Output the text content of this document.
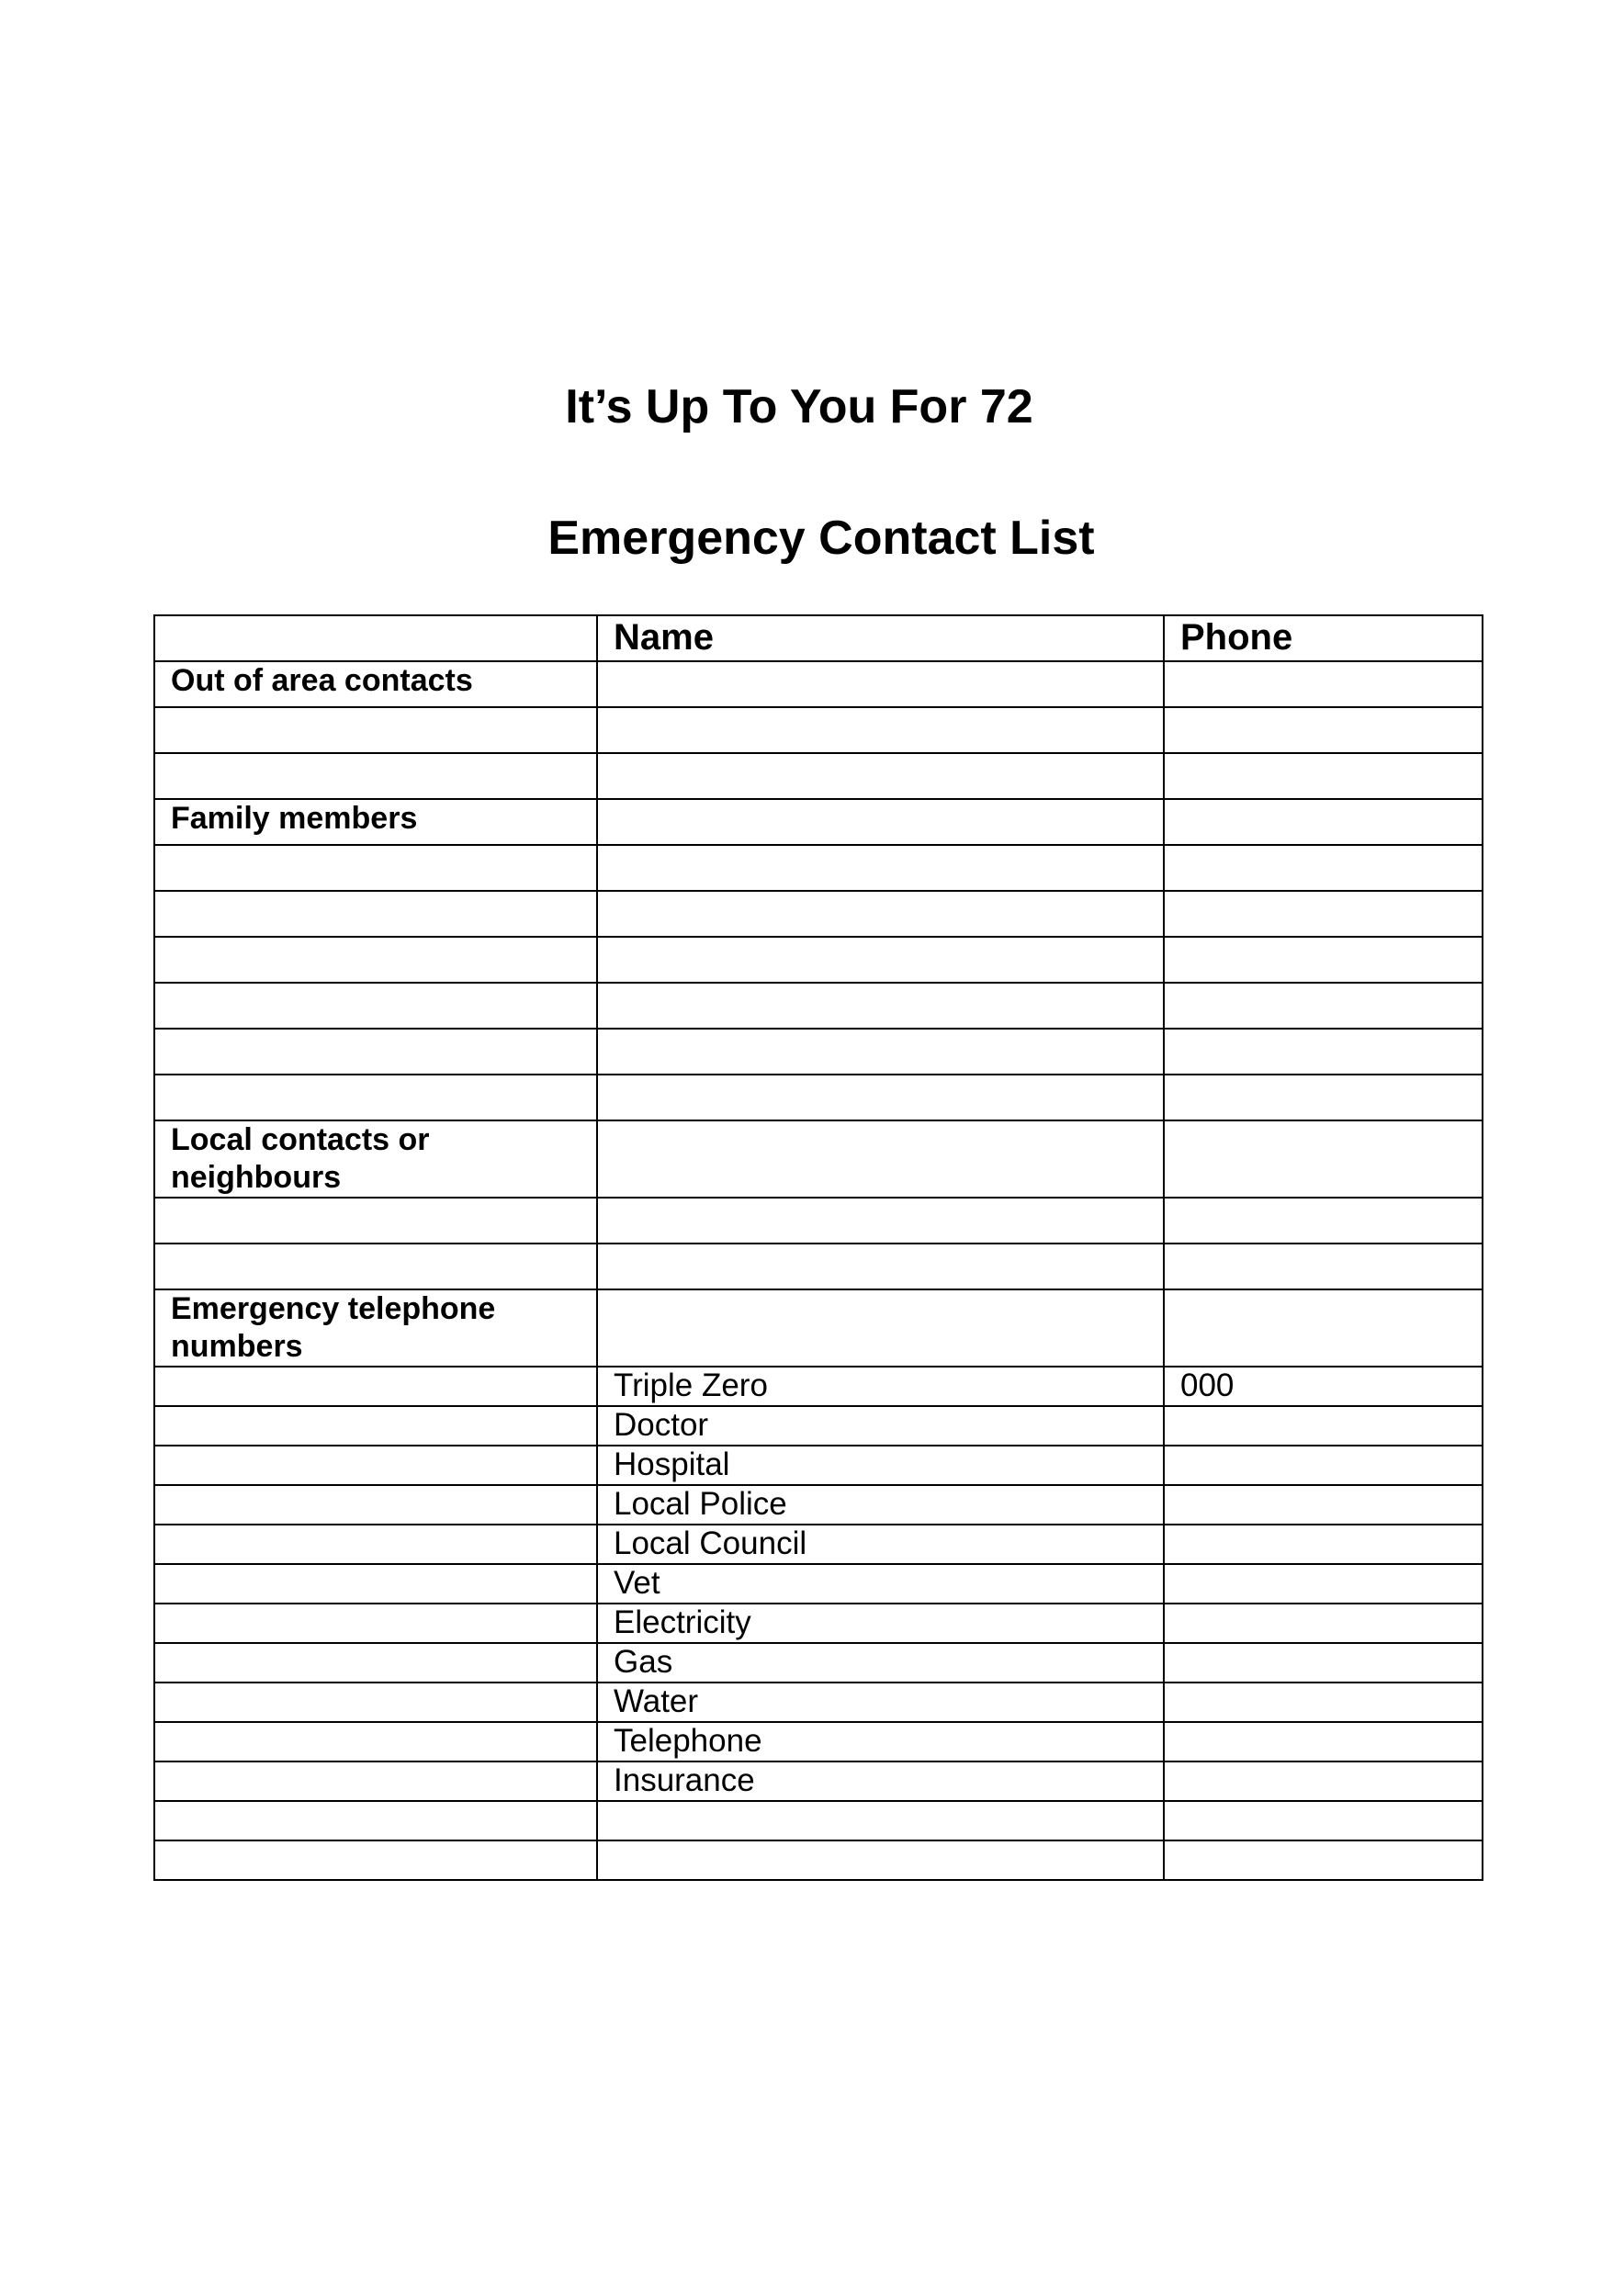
It’s Up To You For 72
Emergency Contact List
	Name	Phone
Out of area contacts		

Family members		

Local contacts or neighbours		

Emergency telephone numbers		
	Triple Zero	000
	Doctor	
	Hospital	
	Local Police	
	Local Council	
	Vet	
	Electricity	
	Gas	
	Water	
	Telephone	
	Insurance	
